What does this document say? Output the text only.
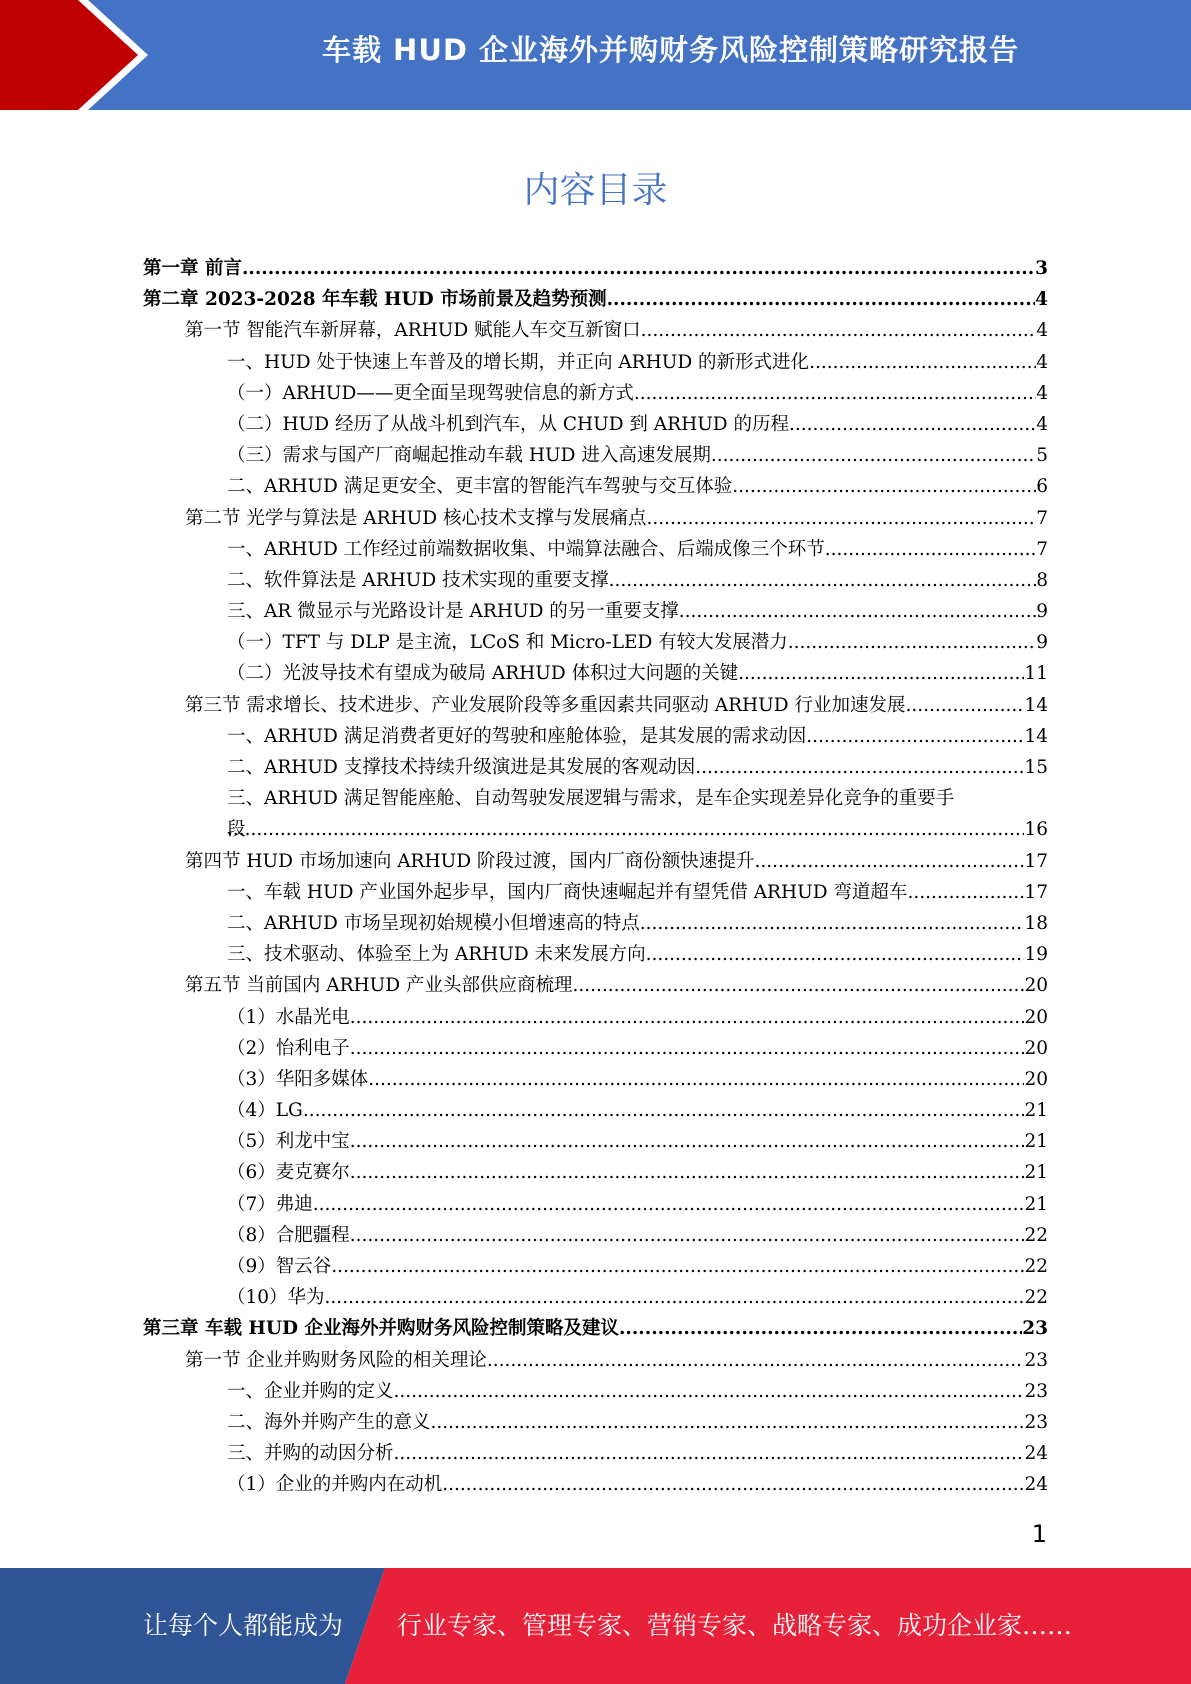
车载 HUD 企业海外并购财务风险控制策略研究报告
内容目录
第一章 前言 .....	3
第二章 2023-2028 年车载 HUD 市场前景及趋势预测 .....	4
第一节 智能汽车新屏幕，ARHUD 赋能人车交互新窗口 .....	4
一、HUD 处于快速上车普及的增长期，并正向 ARHUD 的新形式进化 .....	4
（一）ARHUD——更全面呈现驾驶信息的新方式 .....	4
（二）HUD 经历了从战斗机到汽车，从 CHUD 到 ARHUD 的历程 .....	4
（三）需求与国产厂商崛起推动车载 HUD 进入高速发展期 .....	5
二、ARHUD 满足更安全、更丰富的智能汽车驾驶与交互体验 .....	6
第二节 光学与算法是 ARHUD 核心技术支撑与发展痛点 .....	7
一、ARHUD 工作经过前端数据收集、中端算法融合、后端成像三个环节 .....	7
二、软件算法是 ARHUD 技术实现的重要支撑 .....	8
三、AR 微显示与光路设计是 ARHUD 的另一重要支撑 .....	9
（一）TFT 与 DLP 是主流，LCoS 和 Micro-LED 有较大发展潜力 .....	9
（二）光波导技术有望成为破局 ARHUD 体积过大问题的关键 .....	11
第三节 需求增长、技术进步、产业发展阶段等多重因素共同驱动 ARHUD 行业加速发展 .....	14
一、ARHUD 满足消费者更好的驾驶和座舱体验，是其发展的需求动因 .....	14
二、ARHUD 支撑技术持续升级演进是其发展的客观动因 .....	15
三、ARHUD 满足智能座舱、自动驾驶发展逻辑与需求，是车企实现差异化竞争的重要手
段 .....	16
第四节 HUD 市场加速向 ARHUD 阶段过渡，国内厂商份额快速提升 .....	17
一、车载 HUD 产业国外起步早，国内厂商快速崛起并有望凭借 ARHUD 弯道超车 .....	17
二、ARHUD 市场呈现初始规模小但增速高的特点 .....	18
三、技术驱动、体验至上为 ARHUD 未来发展方向 .....	19
第五节 当前国内 ARHUD 产业头部供应商梳理 .....	20
（1）水晶光电 .....	20
（2）怡利电子 .....	20
（3）华阳多媒体 .....	20
（4）LG .....	21
（5）利龙中宝 .....	21
（6）麦克赛尔 .....	21
（7）弗迪 .....	21
（8）合肥疆程 .....	22
（9）智云谷 .....	22
（10）华为 .....	22
第三章 车载 HUD 企业海外并购财务风险控制策略及建议 .....	23
第一节 企业并购财务风险的相关理论 .....	23
一、企业并购的定义 .....	23
二、海外并购产生的意义 .....	23
三、并购的动因分析 .....	24
（1）企业的并购内在动机 .....	24
1
让每个人都能成为 行业专家、管理专家、营销专家、战略专家、成功企业家……
